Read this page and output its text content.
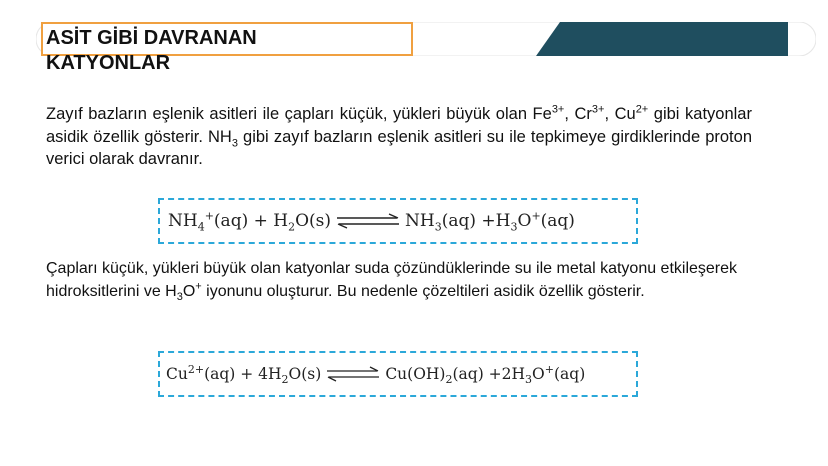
ASİT GİBİ DAVRANAN
KATYONLAR

Zayıf bazların eşlenik asitleri ile çapları küçük, yükleri büyük olan $Fe^{3+}$, $Cr^{3+}$, $Cu^{2+}$ gibi katyonlar asidik özellik gösterir. $NH_3$ gibi zayıf bazların eşlenik asitleri su ile tepkimeye girdiklerinde proton verici olarak davranır.

$NH_4^+(aq) + H_2O(s)$ ⇌ $NH_3(aq) +H_3O^+(aq)$

Çapları küçük, yükleri büyük olan katyonlar suda çözündüklerinde su ile metal katyonu etkileşerek hidroksitlerini ve $H_3O^+$ iyonunu oluşturur. Bu nedenle çözeltileri asidik özellik gösterir.

$Cu^{2+}(aq) + 4H_2O(s)$ ⇌ $Cu(OH)_2(aq) +2H_3O^+(aq)$
